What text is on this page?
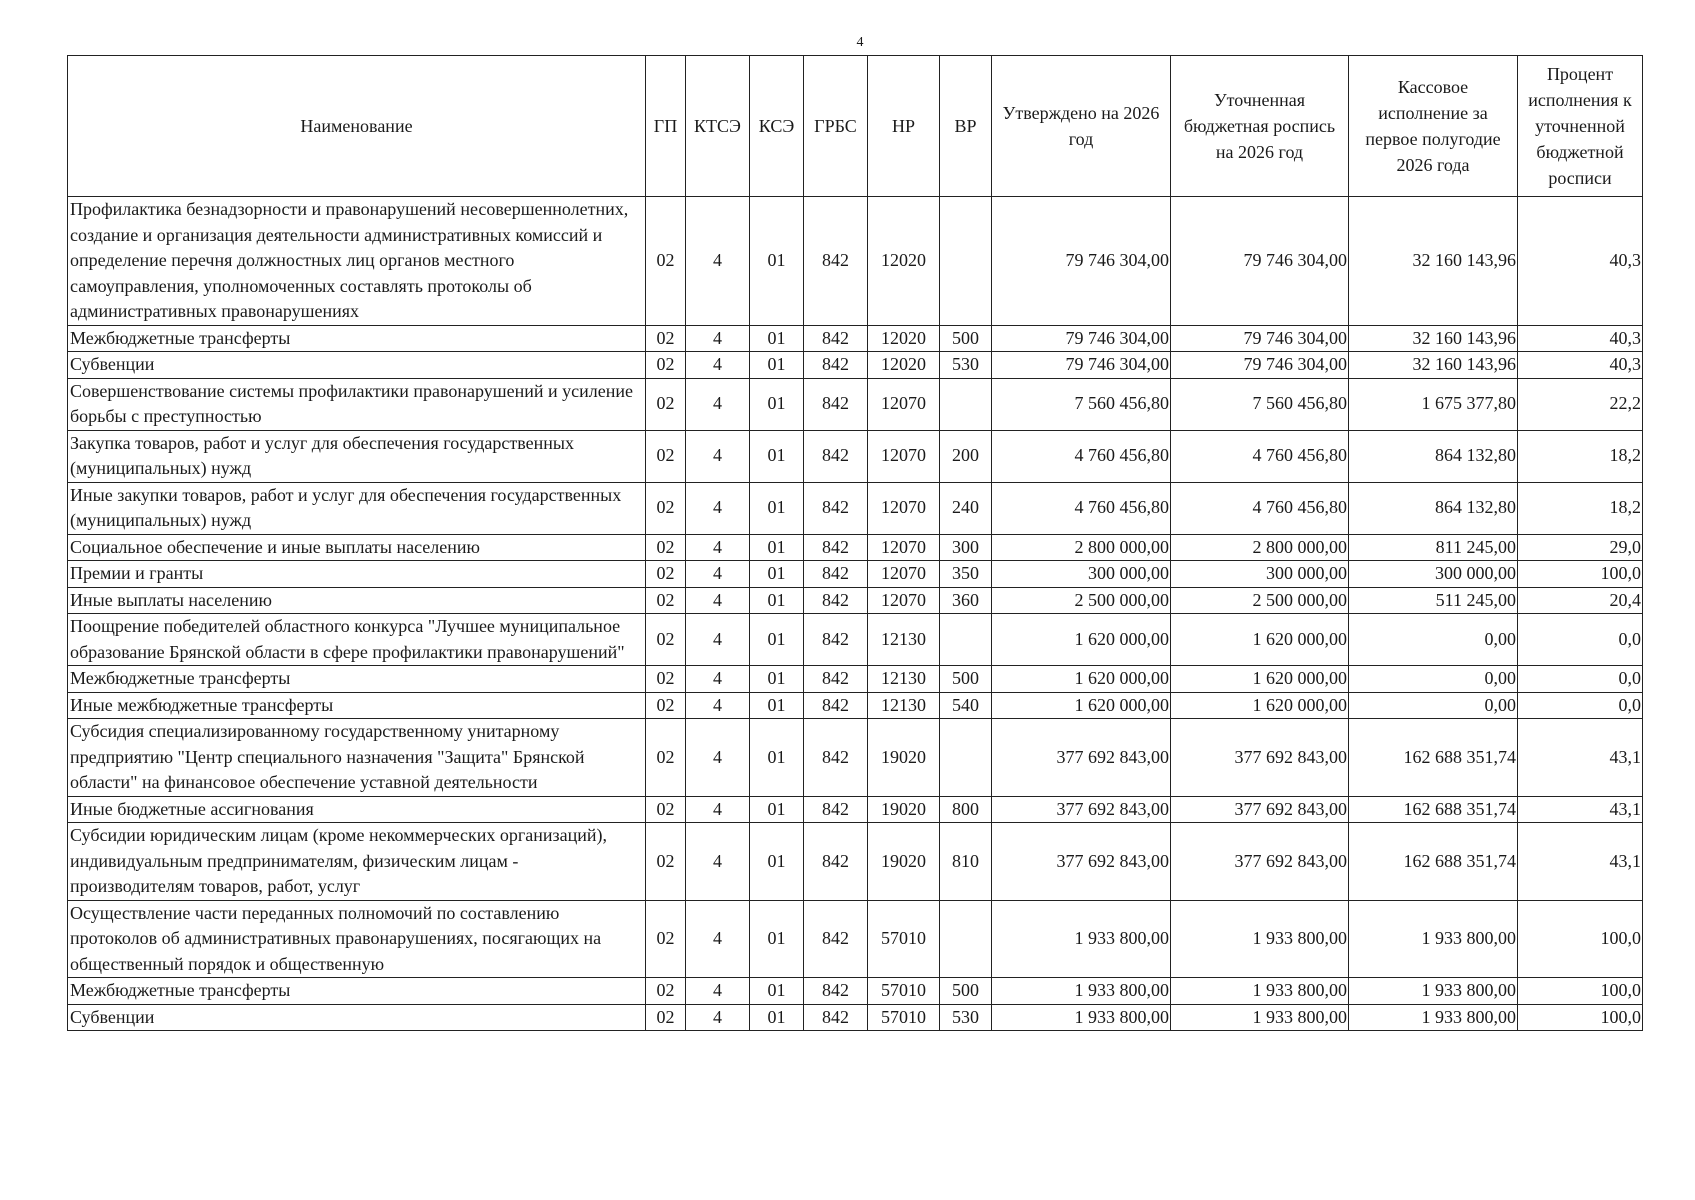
4
Наименование	ГП	КТСЭ	КСЭ	ГРБС	НР	ВР	Утверждено на 2026 год	Уточненная бюджетная роспись на 2026 год	Кассовое исполнение за первое полугодие 2026 года	Процент исполнения к уточненной бюджетной росписи
Профилактика безнадзорности и правонарушений несовершеннолетних, создание и организация деятельности административных комиссий и определение перечня должностных лиц органов местного самоуправления, уполномоченных составлять протоколы об административных правонарушениях	02	4	01	842	12020		79 746 304,00	79 746 304,00	32 160 143,96	40,3
Межбюджетные трансферты	02	4	01	842	12020	500	79 746 304,00	79 746 304,00	32 160 143,96	40,3
Субвенции	02	4	01	842	12020	530	79 746 304,00	79 746 304,00	32 160 143,96	40,3
Совершенствование системы профилактики правонарушений и усиление борьбы с преступностью	02	4	01	842	12070		7 560 456,80	7 560 456,80	1 675 377,80	22,2
Закупка товаров, работ и услуг для обеспечения государственных (муниципальных) нужд	02	4	01	842	12070	200	4 760 456,80	4 760 456,80	864 132,80	18,2
Иные закупки товаров, работ и услуг для обеспечения государственных (муниципальных) нужд	02	4	01	842	12070	240	4 760 456,80	4 760 456,80	864 132,80	18,2
Социальное обеспечение и иные выплаты населению	02	4	01	842	12070	300	2 800 000,00	2 800 000,00	811 245,00	29,0
Премии и гранты	02	4	01	842	12070	350	300 000,00	300 000,00	300 000,00	100,0
Иные выплаты населению	02	4	01	842	12070	360	2 500 000,00	2 500 000,00	511 245,00	20,4
Поощрение победителей областного конкурса "Лучшее муниципальное образование Брянской области в сфере профилактики правонарушений"	02	4	01	842	12130		1 620 000,00	1 620 000,00	0,00	0,0
Межбюджетные трансферты	02	4	01	842	12130	500	1 620 000,00	1 620 000,00	0,00	0,0
Иные межбюджетные трансферты	02	4	01	842	12130	540	1 620 000,00	1 620 000,00	0,00	0,0
Субсидия специализированному государственному унитарному предприятию "Центр специального назначения "Защита" Брянской области" на финансовое обеспечение уставной деятельности	02	4	01	842	19020		377 692 843,00	377 692 843,00	162 688 351,74	43,1
Иные бюджетные ассигнования	02	4	01	842	19020	800	377 692 843,00	377 692 843,00	162 688 351,74	43,1
Субсидии юридическим лицам (кроме некоммерческих организаций), индивидуальным предпринимателям, физическим лицам - производителям товаров, работ, услуг	02	4	01	842	19020	810	377 692 843,00	377 692 843,00	162 688 351,74	43,1
Осуществление части переданных полномочий по составлению протоколов об административных правонарушениях, посягающих на общественный порядок и общественную	02	4	01	842	57010		1 933 800,00	1 933 800,00	1 933 800,00	100,0
Межбюджетные трансферты	02	4	01	842	57010	500	1 933 800,00	1 933 800,00	1 933 800,00	100,0
Субвенции	02	4	01	842	57010	530	1 933 800,00	1 933 800,00	1 933 800,00	100,0
